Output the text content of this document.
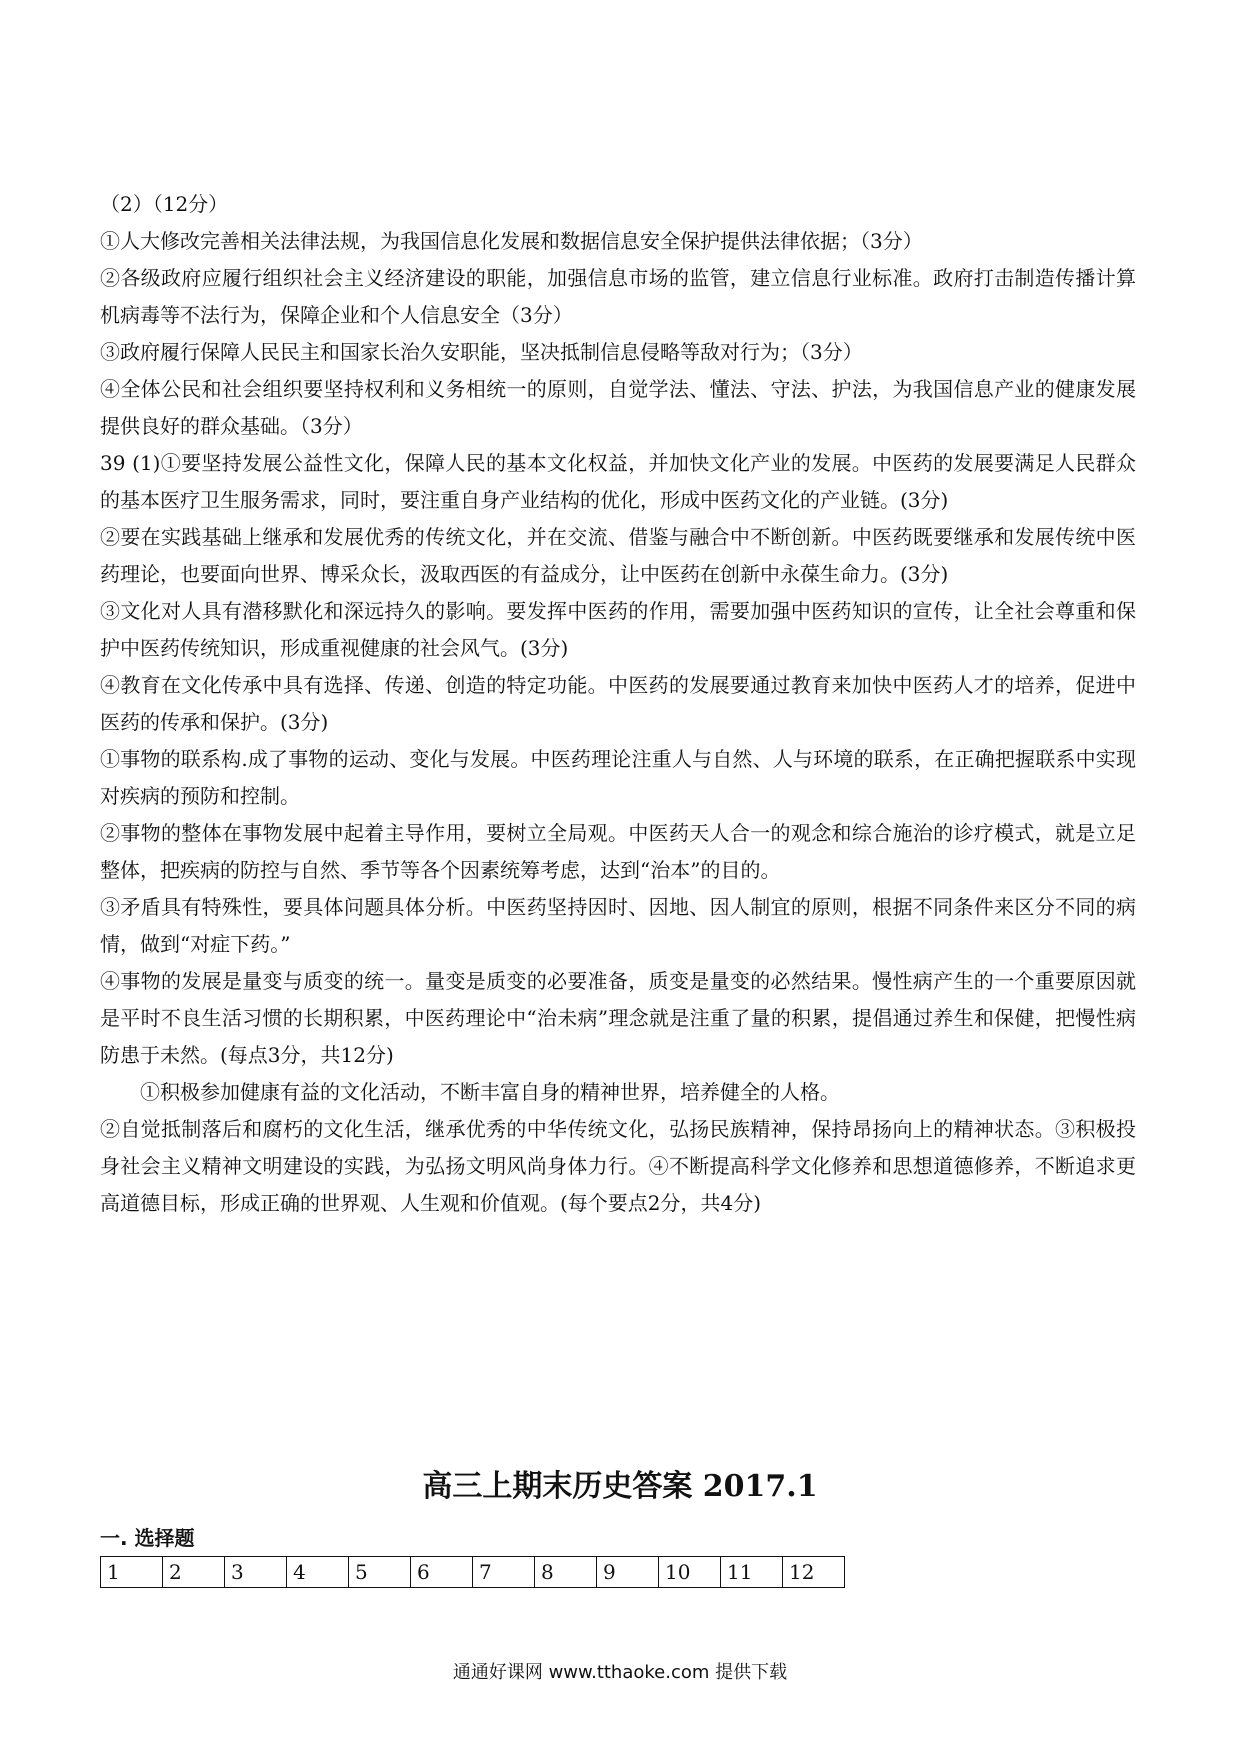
（2）（12分）

①人大修改完善相关法律法规，为我国信息化发展和数据信息安全保护提供法律依据；（3分）

②各级政府应履行组织社会主义经济建设的职能，加强信息市场的监管，建立信息行业标准。政府打击制造传播计算机病毒等不法行为，保障企业和个人信息安全（3分）

③政府履行保障人民民主和国家长治久安职能，坚决抵制信息侵略等敌对行为；（3分）

④全体公民和社会组织要坚持权利和义务相统一的原则，自觉学法、懂法、守法、护法，为我国信息产业的健康发展提供良好的群众基础。（3分）

39 (1)①要坚持发展公益性文化，保障人民的基本文化权益，并加快文化产业的发展。中医药的发展要满足人民群众的基本医疗卫生服务需求，同时，要注重自身产业结构的优化，形成中医药文化的产业链。(3分)

②要在实践基础上继承和发展优秀的传统文化，并在交流、借鉴与融合中不断创新。中医药既要继承和发展传统中医药理论，也要面向世界、博采众长，汲取西医的有益成分，让中医药在创新中永葆生命力。(3分)

③文化对人具有潜移默化和深远持久的影响。要发挥中医药的作用，需要加强中医药知识的宣传，让全社会尊重和保护中医药传统知识，形成重视健康的社会风气。(3分)

④教育在文化传承中具有选择、传递、创造的特定功能。中医药的发展要通过教育来加快中医药人才的培养，促进中医药的传承和保护。(3分)

①事物的联系构.成了事物的运动、变化与发展。中医药理论注重人与自然、人与环境的联系，在正确把握联系中实现对疾病的预防和控制。

②事物的整体在事物发展中起着主导作用，要树立全局观。中医药天人合一的观念和综合施治的诊疗模式，就是立足整体，把疾病的防控与自然、季节等各个因素统筹考虑，达到“治本”的目的。

③矛盾具有特殊性，要具体问题具体分析。中医药坚持因时、因地、因人制宜的原则，根据不同条件来区分不同的病情，做到“对症下药。”

④事物的发展是量变与质变的统一。量变是质变的必要准备，质变是量变的必然结果。慢性病产生的一个重要原因就是平时不良生活习惯的长期积累，中医药理论中“治未病”理念就是注重了量的积累，提倡通过养生和保健，把慢性病防患于未然。(每点3分，共12分)

①积极参加健康有益的文化活动，不断丰富自身的精神世界，培养健全的人格。

②自觉抵制落后和腐朽的文化生活，继承优秀的中华传统文化，弘扬民族精神，保持昂扬向上的精神状态。③积极投身社会主义精神文明建设的实践，为弘扬文明风尚身体力行。④不断提高科学文化修养和思想道德修养，不断追求更高道德目标，形成正确的世界观、人生观和价值观。(每个要点2分，共4分)

高三上期末历史答案 2017.1
一. 选择题
1	2	3	4	5	6	7	8	9	10	11	12
通通好课网 www.tthaoke.com 提供下载
